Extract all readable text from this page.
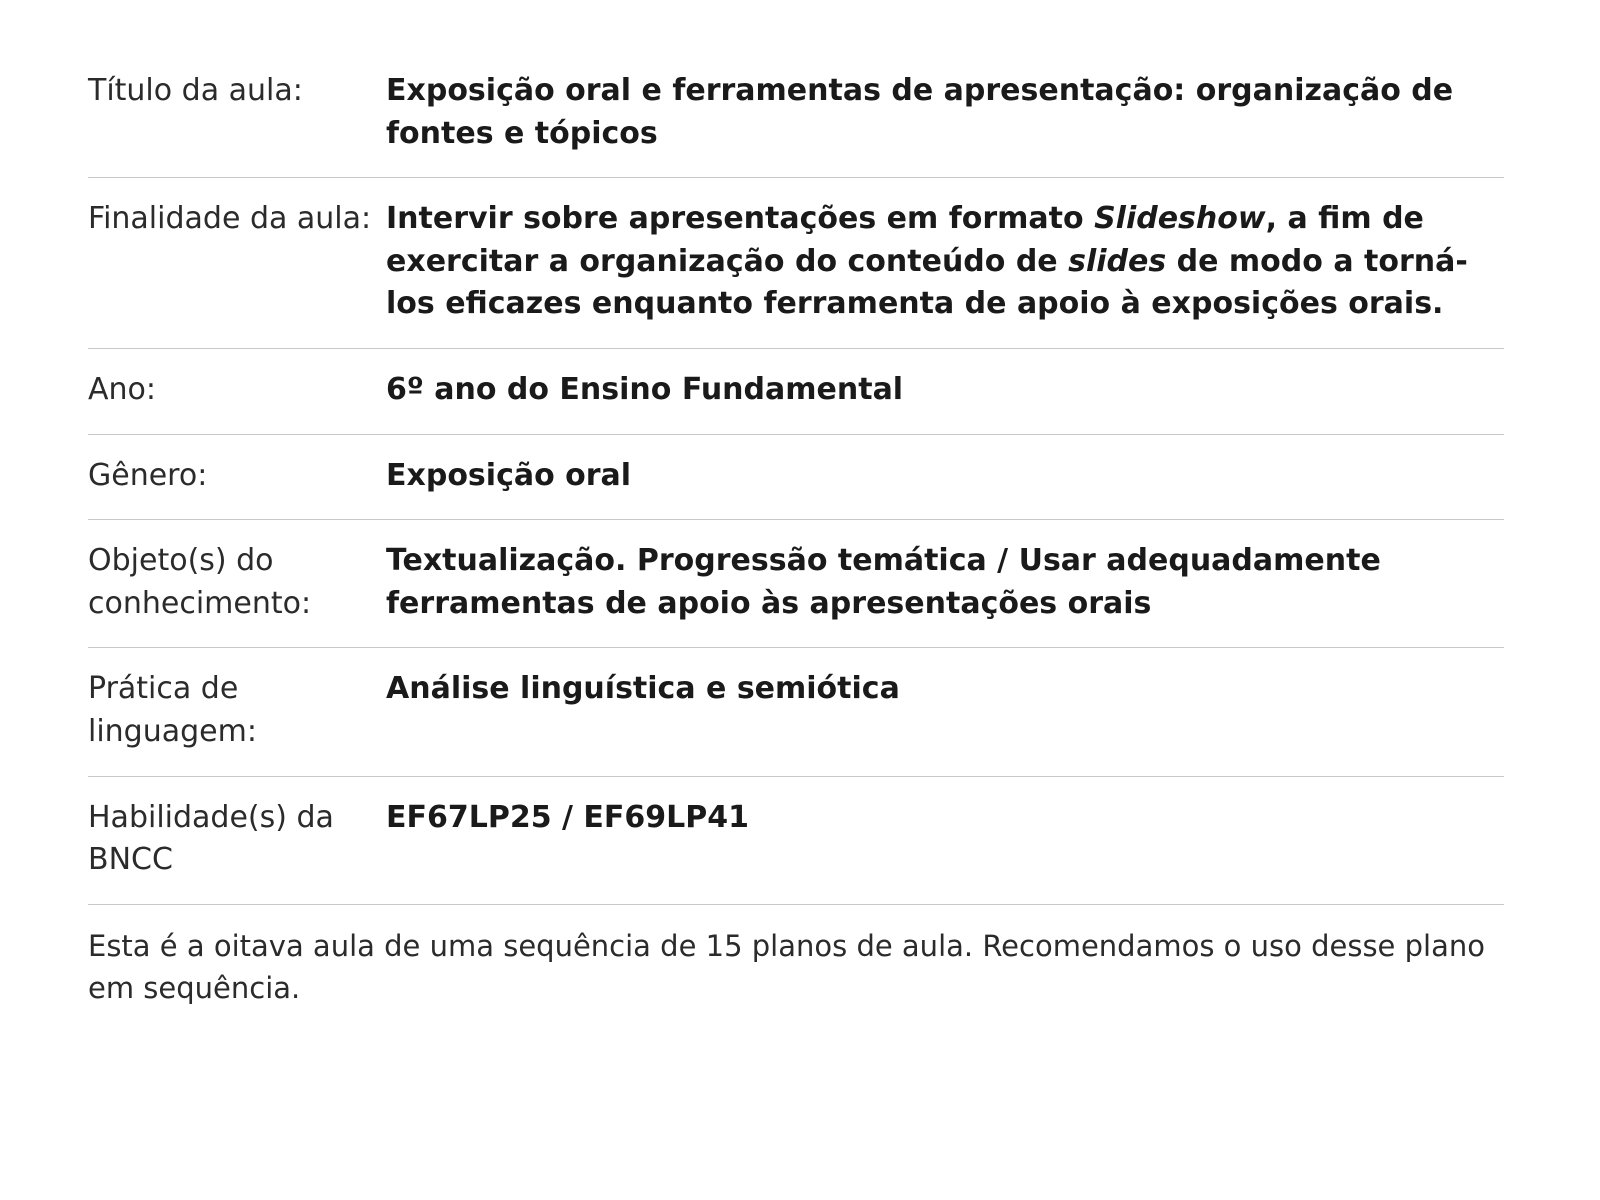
Título da aula:	Exposição oral e ferramentas de apresentação: organização de fontes e tópicos
Finalidade da aula:	Intervir sobre apresentações em formato Slideshow, a fim de exercitar a organização do conteúdo de slides de modo a torná-los eficazes enquanto ferramenta de apoio à exposições orais.
Ano:	6º ano do Ensino Fundamental
Gênero:	Exposição oral
Objeto(s) do conhecimento:	Textualização. Progressão temática / Usar adequadamente ferramentas de apoio às apresentações orais
Prática de linguagem:	Análise linguística e semiótica
Habilidade(s) da BNCC	EF67LP25 / EF69LP41
Esta é a oitava aula de uma sequência de 15 planos de aula. Recomendamos o uso desse plano em sequência.	
